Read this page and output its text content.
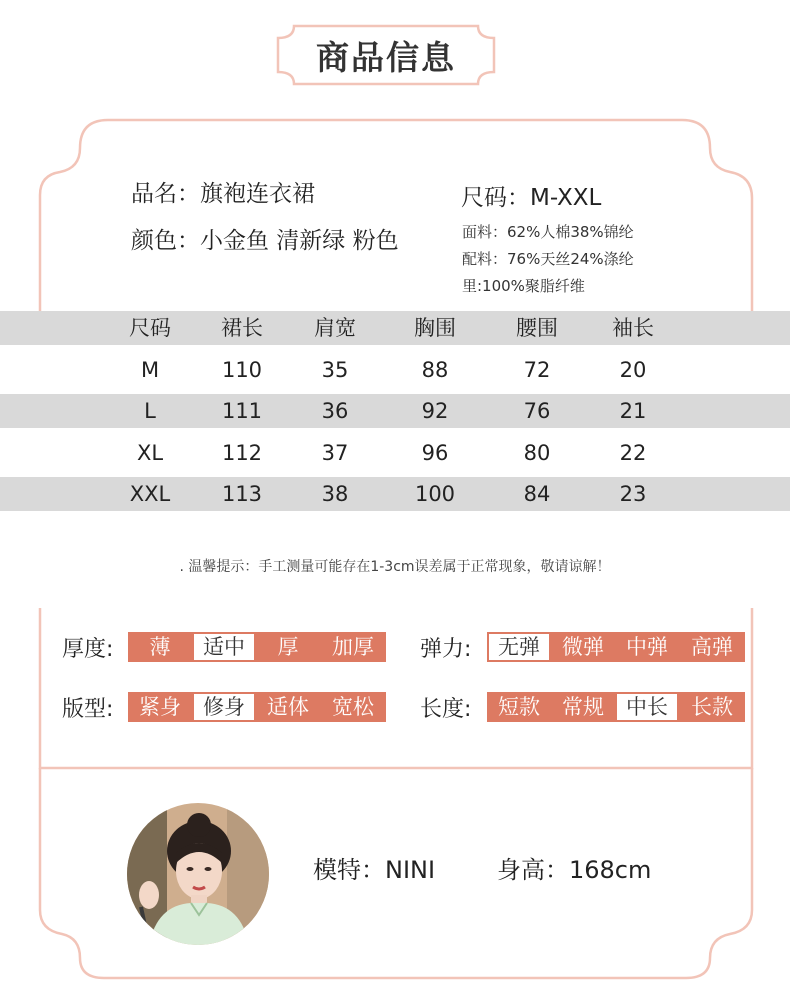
商品信息
品名：旗袍连衣裙	尺码：M-XXL
颜色：小金鱼 清新绿 粉色	面料：62%人棉38%锦纶
配料：76%天丝24%涤纶
里:100%聚脂纤维
尺码	裙长	肩宽	胸围	腰围	袖长
M	110	35	88	72	20
L	111	36	92	76	21
XL	112	37	96	80	22
XXL	113	38	100	84	23
. 温馨提示：手工测量可能存在1-3cm误差属于正常现象，敬请谅解！
厚度:	薄	适中	厚	加厚	弹力:	无弹	微弹	中弹	高弹
版型:	紧身	修身	适体	宽松	长度:	短款	常规	中长	长款
模特：NINI	身高：168cm
